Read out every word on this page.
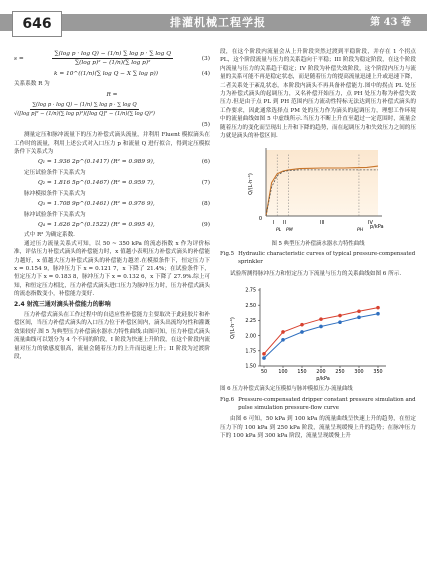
646	排灌机械工程学报	第 43 卷
s =	$\frac{\text{∑(log p · log Q) − (1/n) ∑ log p · ∑ log Q}}{\text{∑(log p)² − (1/n)(∑ log p)²}}$	(3)
k = 10^((1/n)(∑ log Q − X ∑ log p))	(4)

关系系数 R 为

R =
$\frac{\text{∑(log p · log Q) − (1/n) ∑ log p · ∑ log Q}}{\text{√([log p]² − (1/n)(∑ log p)²)([log Q]² − (1/n)(∑ log Q)²)}}$
(5)

测量定压和脉冲流量下的压力补偿式滴头流量，并利用 Fluent 模拟滴头在工作时的流量，利用上述公式对入口压力 p 和流量 Q 进行拟合，得到定压模拟条件下关系式为

Q₁ = 1.936 2p^(0.1417) (R² = 0.989 9),	(6)

定压试验条件下关系式为

Q₂ = 1.816 5p^(0.1467) (R² = 0.959 7),	(7)

脉冲模拟条件下关系式为

Q₃ = 1.708 9p^(0.1461) (R² = 0.976 9),	(8)

脉冲试验条件下关系式为

Q₄ = 1.626 2p^(0.1522) (R² = 0.995 4),	(9)

式中 R² 为确定系数.

通过压力流量关系式可知，以 50 ~ 350 kPa 的流态指数 x 作为评价标准，评估压力补偿式滴头的补偿能力时，x 值越小表明压力补偿式滴头的补偿能力越好，x 值越大压力补偿式滴头的补偿能力越差.在模拟条件下，恒定压力下 x = 0.154 9，脉冲压力下 x = 0.121 7，x 下降了 21.4%；在试验条件下，恒定压力下 x = 0.183 8，脉冲压力下 x = 0.132 6，x 下降了 27.9%.综上可知，和恒定压力相比，压力补偿式滴头进口压力为脉冲压力时，压力补偿式滴头的流态指数变小，补偿能力变好.

2.4 射流三通对滴头补偿能力的影响

压力补偿式滴头在工作过程中的自适应性补偿能力主要取决于此硅胶片和补偿区间，当压力补偿式滴头的入口压力位于补偿区间内，滴头出流均匀性和灌溉效果较好.图 5 为典型压力补偿滴水器水力特性曲线.由图可知，压力补偿式滴头流量曲线可以划分为 4 个不同的阶段，I 阶段为快速上升阶段，在这个阶段内流量对压力的敏感度很高，流量会随着压力的上升而迅速上升；II 阶段为过渡阶段，

段，在这个阶段内流量会从上升阶段突然过渡到平稳阶段，并存在 1 个拐点 PL，这个阶段流量与压力的关系趋向于平稳；III 阶段为稳定阶段，在这个阶段内流量与压力的关系趋于稳定；IV 阶段为补偿失效阶段，这个阶段内压力与流量的关系可能不再是稳定状态，而是随着压力的提高流量迅速上升或迅速下降，二者关系处于紊乱状态，本阶段内滴头不再具备补偿能力.图中的拐点 PL 处压力为补偿式滴头的起调压力，又名补偿开始压力，点 PH 处压力称为补偿失效压力.但是由于点 PL 到 PH 范围内压力流动性特标无法达到压力补偿式滴头的工作要求，因此通常选择点 PM 处的压力作为滴头的起调压力，理想工作环境中的流量曲线如图 5 中虚线所示.当压力不断上升直至超过一定范围时，流量会随着压力的变化而呈现出上升和下降的趋势，而在起调压力和失效压力之间的压力就是滴头的补偿区间.

0
Q/(L·h⁻¹)
p/kPa
I II	III	IV
PL PM	PH
图 5 典型压力补偿滴水器水力特性曲线
Fig.5 Hydraulic characteristic curves of typical pressure-compensated sprinkler

试验所测得脉冲压力和恒定压力下流量与压力的关系曲线如图 6 所示.

1.50
1.75
2.00
2.25
2.50
2.75
50 100 150 200 250 300 350
Q/(L·h⁻¹)
p/kPa
图 6 压力补偿式滴头定压模拟与脉冲模拟压力-流量曲线
Fig.6 Pressure-compensated dripper constant pressure simulation and pulse simulation pressure-flow curve

由图 6 可知，50 kPa 到 100 kPa 的流量曲线呈快速上升的趋势，在恒定压力下的 100 kPa 到 250 kPa 阶段，流量呈现缓慢上升的趋势；在脉冲压力下的 100 kPa 到 300 kPa 阶段，流量呈现缓慢上升
